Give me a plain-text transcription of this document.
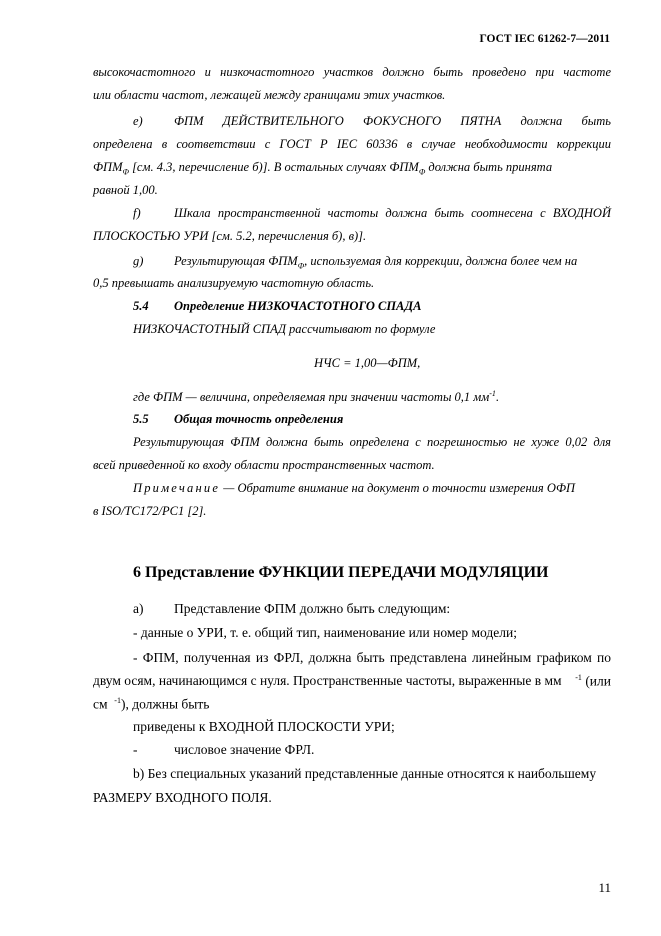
ГОСТ IEC 61262-7—2011
высокочастотного и низкочастотного участков должно быть проведено при частоте
или области частот, лежащей между границами этих участков.
е)	ФПМ ДЕЙСТВИТЕЛЬНОГО ФОКУСНОГО ПЯТНА должна быть
определена в соответствии с ГОСТ Р IEC 60336 в случае необходимости коррекции
$ФПМ_Ф$ [см. 4.3, перечисление б)]. В остальных случаях $ФПМ_Ф$ должна быть принята
равной 1,00.
f)	Шкала пространственной частоты должна быть соотнесена с ВХОДНОЙ
ПЛОСКОСТЬЮ УРИ [см. 5.2, перечисления б), в)].
g) Результирующая $ФПМ_Ф$, используемая для коррекции, должна более чем на
0,5 превышать анализируемую частотную область.
5.4 Определение НИЗКОЧАСТОТНОГО СПАДА
НИЗКОЧАСТОТНЫЙ СПАД рассчитывают по формуле
НЧС = 1,00—ФПМ,
где ФПМ — величина, определяемая при значении частоты 0,1 $мм^{-1}$.
5.5 Общая точность определения
Результирующая ФПМ должна быть определена с погрешностью не хуже 0,02 для
всей приведенной ко входу области пространственных частот.
Примечание — Обратите внимание на документ о точности измерения ОФП
в ISO/TC172/PC1 [2].
6 Представление ФУНКЦИИ ПЕРЕДАЧИ МОДУЛЯЦИИ
а) Представление ФПМ должно быть следующим:
- данные о УРИ, т. е. общий тип, наименование или номер модели;
- ФПМ, полученная из ФРЛ, должна быть представлена линейным графиком по
двум осям, начинающимся с нуля. Пространственные частоты, выраженные в мм $^{-1}$ (или
см $^{-1}$), должны быть
приведены к ВХОДНОЙ ПЛОСКОСТИ УРИ;
-	числовое значение ФРЛ.
b) Без специальных указаний представленные данные относятся к наибольшему
РАЗМЕРУ ВХОДНОГО ПОЛЯ.
11
